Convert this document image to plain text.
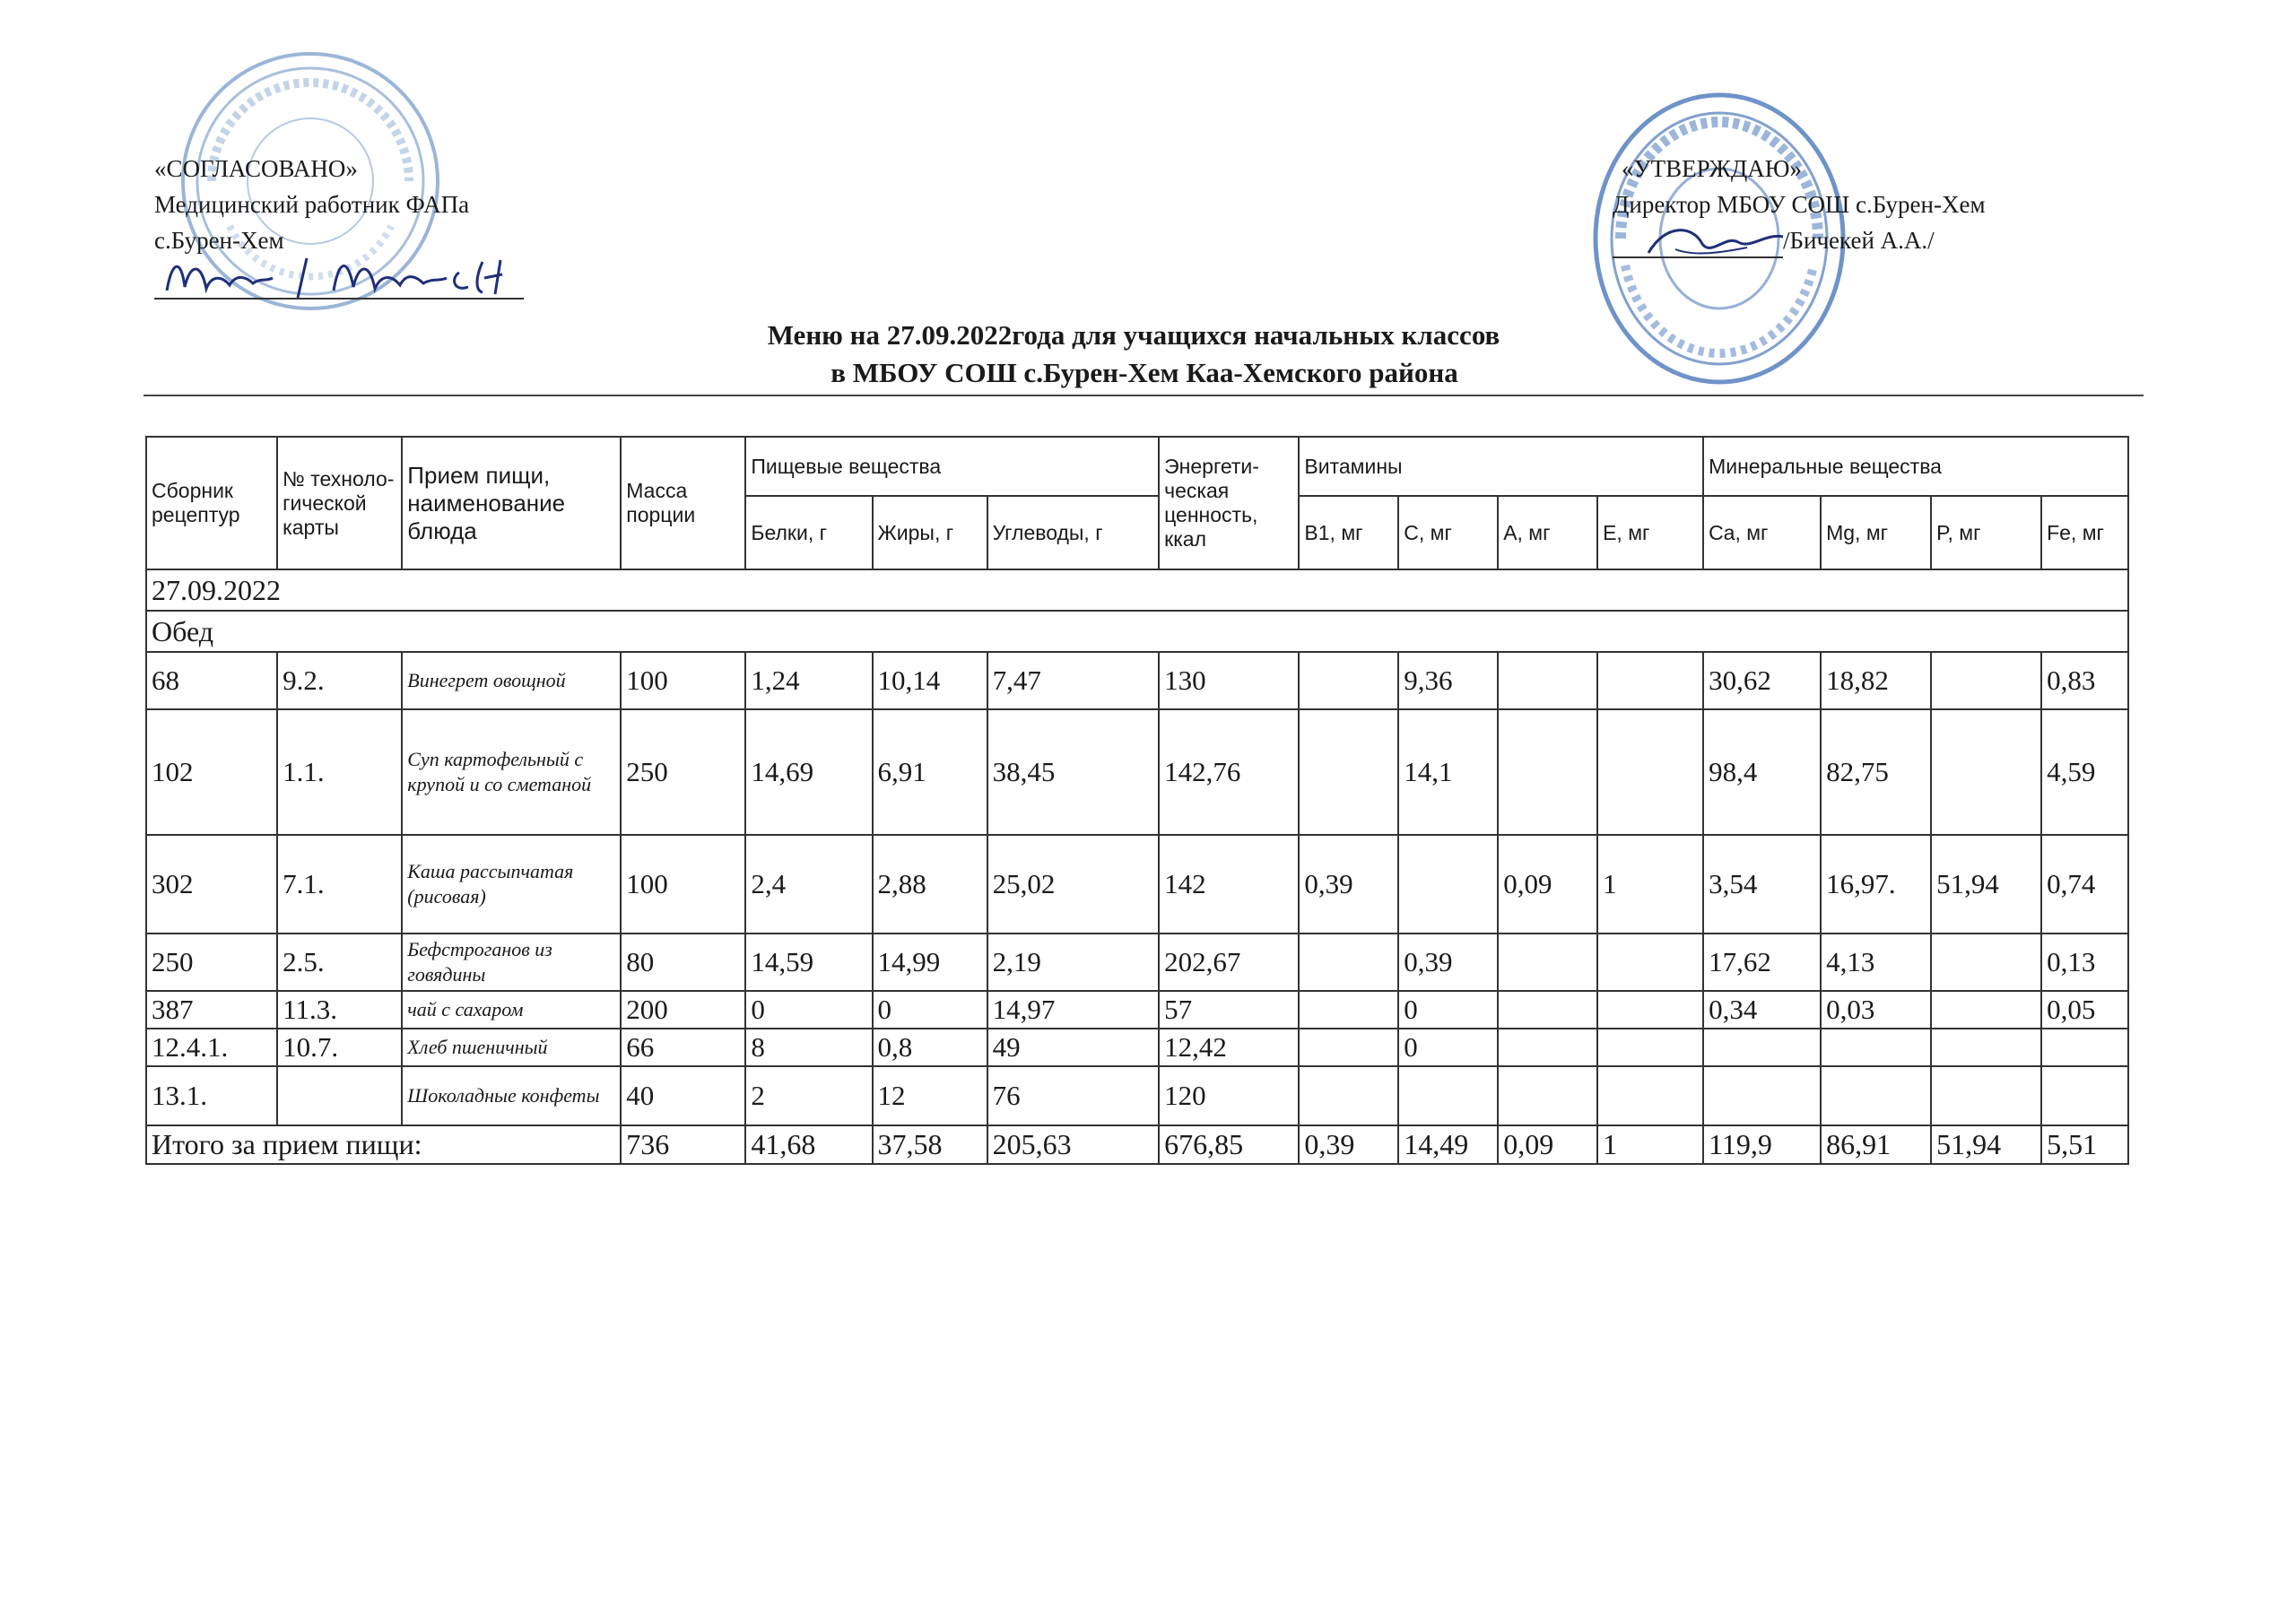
«СОГЛАСОВАНО»
Медицинский работник ФАПа
с.Бурен-Хем
«УТВЕРЖДАЮ»
Директор МБОУ СОШ с.Бурен-Хем
/Бичекей А.А./
Меню на 27.09.2022года для учащихся начальных классов
в МБОУ СОШ с.Бурен-Хем Каа-Хемского района
Сборник рецептур	№ техноло-гической карты	Прием пищи, наименование блюда	Масса порции	Пищевые вещества			Энергети-ческая ценность, ккал	Витамины				Минеральные вещества			
				Белки, г	Жиры, г	Углеводы, г		B1, мг	C, мг	A, мг	E, мг	Ca, мг	Mg, мг	P, мг	Fe, мг
27.09.2022															
Обед															
68	9.2.	Винегрет овощной	100	1,24	10,14	7,47	130		9,36			30,62	18,82		0,83
102	1.1.	Суп картофельный с крупой и со сметаной	250	14,69	6,91	38,45	142,76		14,1			98,4	82,75		4,59
302	7.1.	Каша рассыпчатая (рисовая)	100	2,4	2,88	25,02	142	0,39		0,09	1	3,54	16,97.	51,94	0,74
250	2.5.	Бефстроганов из говядины	80	14,59	14,99	2,19	202,67		0,39			17,62	4,13		0,13
387	11.3.	чай с сахаром	200	0	0	14,97	57		0			0,34	0,03		0,05
12.4.1.	10.7.	Хлеб пшеничный	66	8	0,8	49	12,42		0						
13.1.		Шоколадные конфеты	40	2	12	76	120								
Итого за прием пищи:			736	41,68	37,58	205,63	676,85	0,39	14,49	0,09	1	119,9	86,91	51,94	5,51
